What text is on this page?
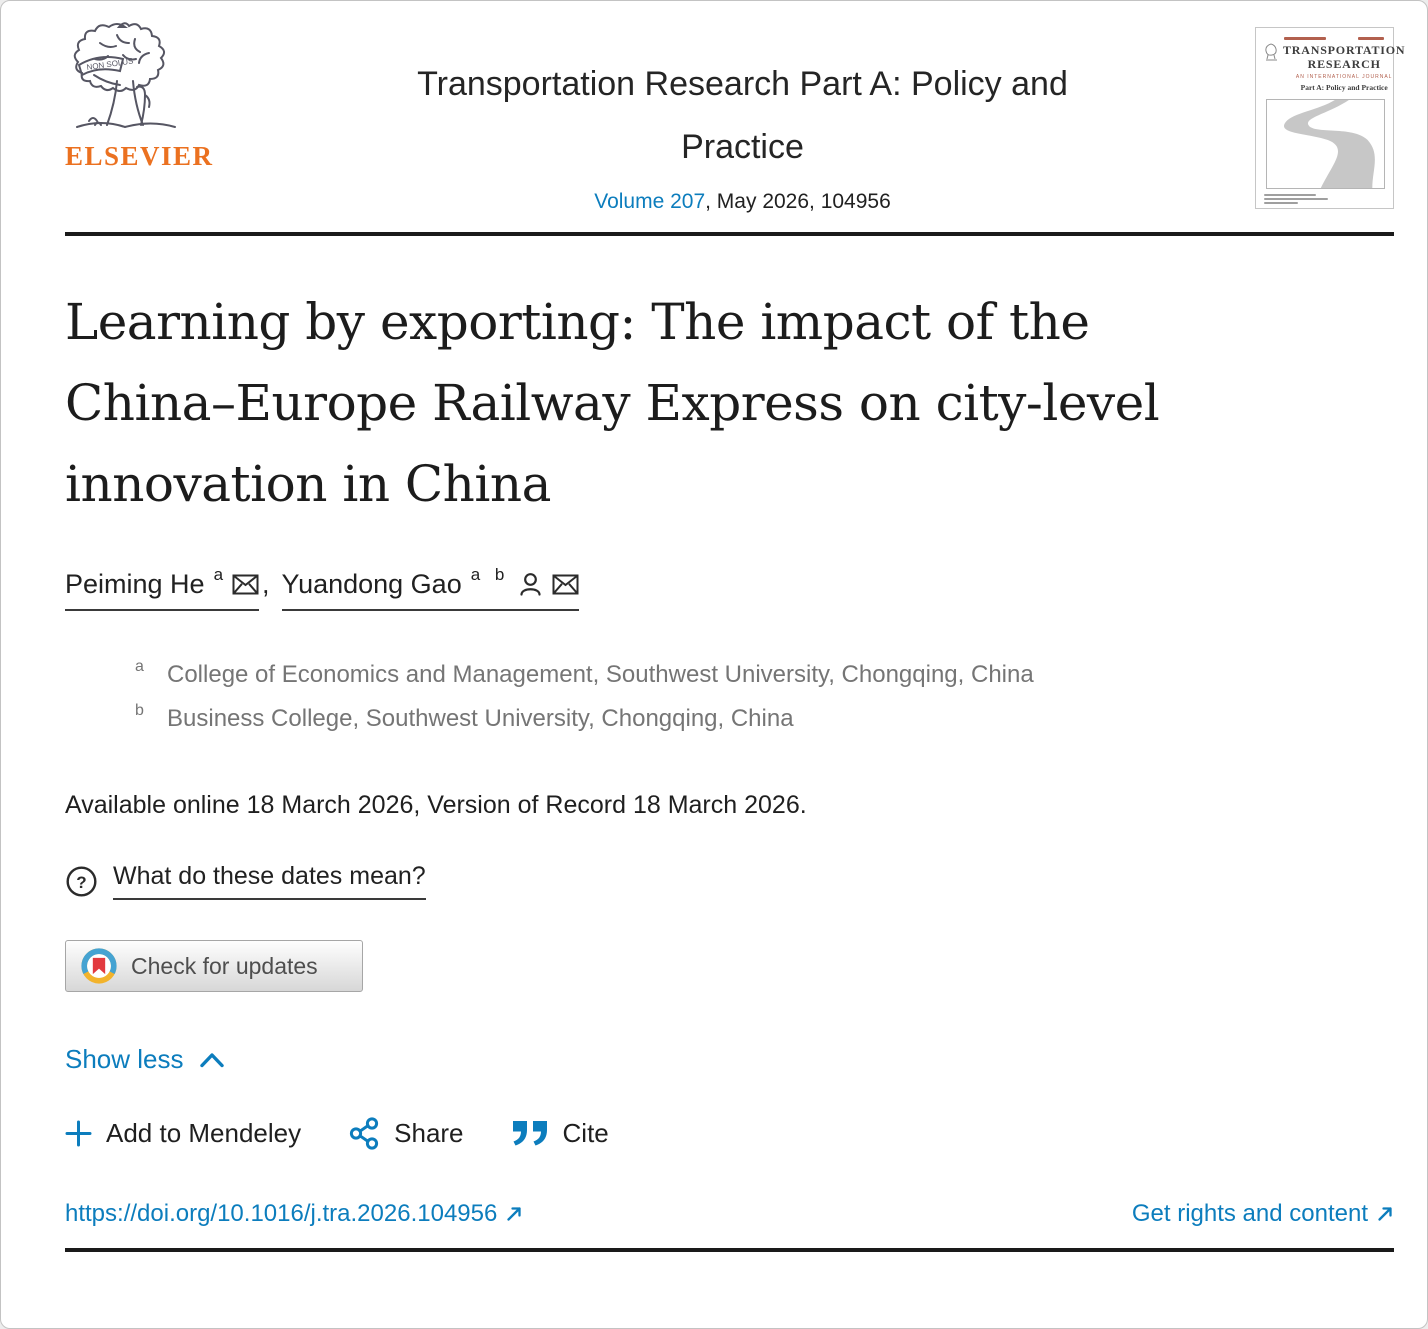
NON SOLUS
ELSEVIER
Transportation Research Part A: Policy and
Practice
Volume 207, May 2026, 104956
TRANSPORTATION
RESEARCH
AN INTERNATIONAL JOURNAL
Part A: Policy and Practice
Learning by exporting: The impact of the
China–Europe Railway Express on city-level
innovation in China
Peiming He a , Yuandong Gao a b
a College of Economics and Management, Southwest University, Chongqing, China
b Business College, Southwest University, Chongqing, China
Available online 18 March 2026, Version of Record 18 March 2026.
? What do these dates mean?
Check for updates
Show less
Add to Mendeley	Share	Cite
https://doi.org/10.1016/j.tra.2026.104956	Get rights and content
